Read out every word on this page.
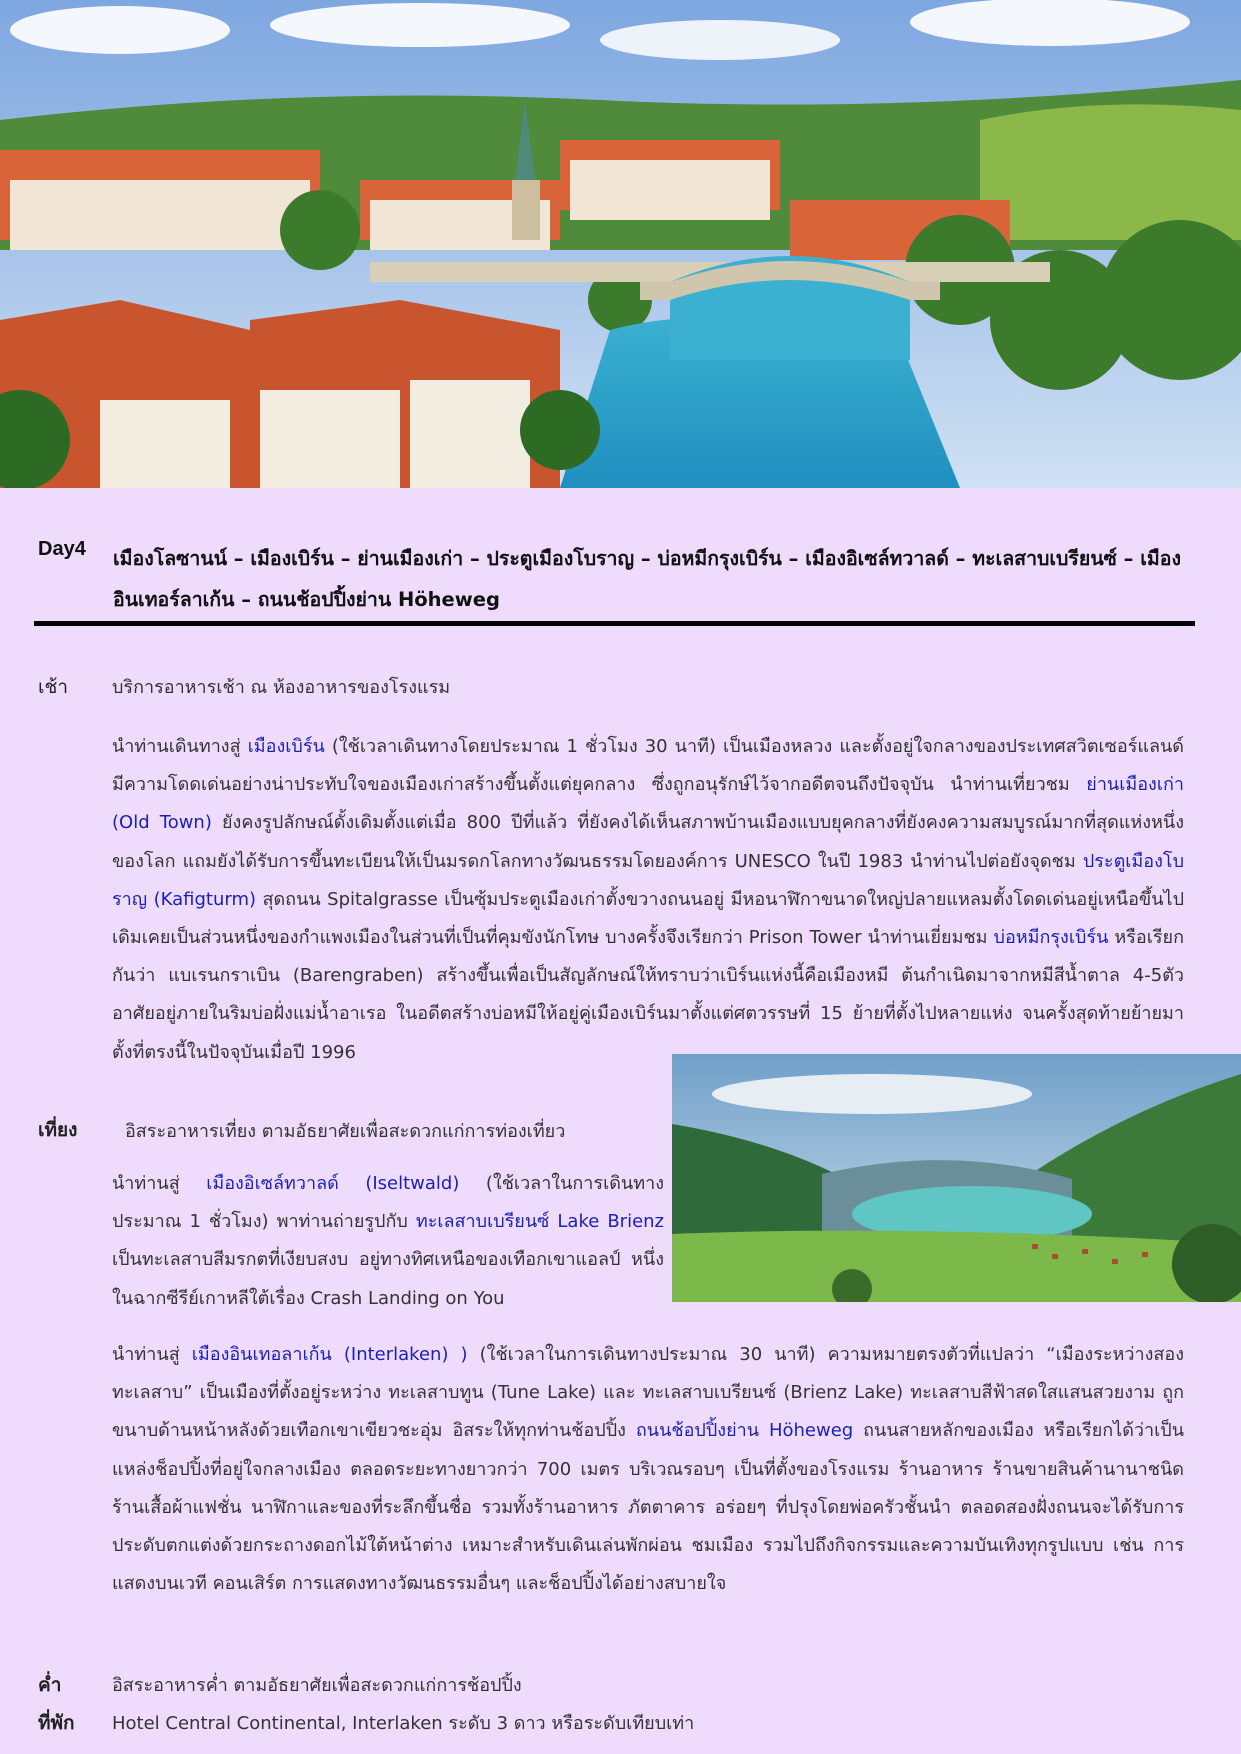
Day4	เมืองโลซานน์ – เมืองเบิร์น – ย่านเมืองเก่า – ประตูเมืองโบราญ – บ่อหมีกรุงเบิร์น – เมืองอิเซล์ทวาลด์ – ทะเลสาบเบรียนซ์ – เมืองอินเทอร์ลาเก้น – ถนนช้อปปิ้งย่าน Höheweg
เช้า บริการอาหารเช้า ณ ห้องอาหารของโรงแรม
นำท่านเดินทางสู่ เมืองเบิร์น (ใช้เวลาเดินทางโดยประมาณ 1 ชั่วโมง 30 นาที) เป็นเมืองหลวง และตั้งอยู่ใจกลางของประเทศสวิตเซอร์แลนด์ มีความโดดเด่นอย่างน่าประทับใจของเมืองเก่าสร้างขึ้นตั้งแต่ยุคกลาง ซึ่งถูกอนุรักษ์ไว้จากอดีตจนถึงปัจจุบัน นำท่านเที่ยวชม ย่านเมืองเก่า (Old Town) ยังคงรูปลักษณ์ดั้งเดิมตั้งแต่เมื่อ 800 ปีที่แล้ว ที่ยังคงได้เห็นสภาพบ้านเมืองแบบยุคกลางที่ยังคงความสมบูรณ์มากที่สุดแห่งหนึ่งของโลก แถมยังได้รับการขึ้นทะเบียนให้เป็นมรดกโลกทางวัฒนธรรมโดยองค์การ UNESCO ในปี 1983 นำท่านไปต่อยังจุดชม ประตูเมืองโบราญ (Kafigturm) สุดถนน Spitalgrasse เป็นซุ้มประตูเมืองเก่าตั้งขวางถนนอยู่ มีหอนาฬิกาขนาดใหญ่ปลายแหลมตั้งโดดเด่นอยู่เหนือขึ้นไป เดิมเคยเป็นส่วนหนึ่งของกำแพงเมืองในส่วนที่เป็นที่คุมขังนักโทษ บางครั้งจึงเรียกว่า Prison Tower นำท่านเยี่ยมชม บ่อหมีกรุงเบิร์น หรือเรียกกันว่า แบเรนกราเบิน (Barengraben) สร้างขึ้นเพื่อเป็นสัญลักษณ์ให้ทราบว่าเบิร์นแห่งนี้คือเมืองหมี ต้นกำเนิดมาจากหมีสีน้ำตาล 4-5ตัว อาศัยอยู่ภายในริมบ่อฝั่งแม่น้ำอาเรอ ในอดีตสร้างบ่อหมีให้อยู่คู่เมืองเบิร์นมาตั้งแต่ศตวรรษที่ 15 ย้ายที่ตั้งไปหลายแห่ง จนครั้งสุดท้ายย้ายมาตั้งที่ตรงนี้ในปัจจุบันเมื่อปี 1996
เที่ยง	อิสระอาหารเที่ยง ตามอัธยาศัยเพื่อสะดวกแก่การท่องเที่ยว
นำท่านสู่ เมืองอิเซล์ทวาลด์ (Iseltwald) (ใช้เวลาในการเดินทางประมาณ 1 ชั่วโมง) พาท่านถ่ายรูปกับ ทะเลสาบเบรียนซ์ Lake Brienz เป็นทะเลสาบสีมรกตที่เงียบสงบ อยู่ทางทิศเหนือของเทือกเขาแอลป์ หนึ่งในฉากซีรีย์เกาหลีใต้เรื่อง Crash Landing on You
นำท่านสู่ เมืองอินเทอลาเก้น (Interlaken) ) (ใช้เวลาในการเดินทางประมาณ 30 นาที) ความหมายตรงตัวที่แปลว่า “เมืองระหว่างสองทะเลสาบ” เป็นเมืองที่ตั้งอยู่ระหว่าง ทะเลสาบทูน (Tune Lake) และ ทะเลสาบเบรียนซ์ (Brienz Lake) ทะเลสาบสีฟ้าสดใสแสนสวยงาม ถูกขนาบด้านหน้าหลังด้วยเทือกเขาเขียวชะอุ่ม อิสระให้ทุกท่านช้อปปิ้ง ถนนช้อปปิ้งย่าน Höheweg ถนนสายหลักของเมือง หรือเรียกได้ว่าเป็นแหล่งช็อปปิ้งที่อยู่ใจกลางเมือง ตลอดระยะทางยาวกว่า 700 เมตร บริเวณรอบๆ เป็นที่ตั้งของโรงแรม ร้านอาหาร ร้านขายสินค้านานาชนิด ร้านเสื้อผ้าแฟชั่น นาฬิกาและของที่ระลึกขึ้นชื่อ รวมทั้งร้านอาหาร ภัตตาคาร อร่อยๆ ที่ปรุงโดยพ่อครัวชั้นนำ ตลอดสองฝั่งถนนจะได้รับการประดับตกแต่งด้วยกระถางดอกไม้ใต้หน้าต่าง เหมาะสำหรับเดินเล่นพักผ่อน ชมเมือง รวมไปถึงกิจกรรมและความบันเทิงทุกรูปแบบ เช่น การแสดงบนเวที คอนเสิร์ต การแสดงทางวัฒนธรรมอื่นๆ และช็อปปิ้งได้อย่างสบายใจ
ค่ำ	อิสระอาหารค่ำ ตามอัธยาศัยเพื่อสะดวกแก่การช้อปปิ้ง
ที่พัก Hotel Central Continental, Interlaken ระดับ 3 ดาว หรือระดับเทียบเท่า
